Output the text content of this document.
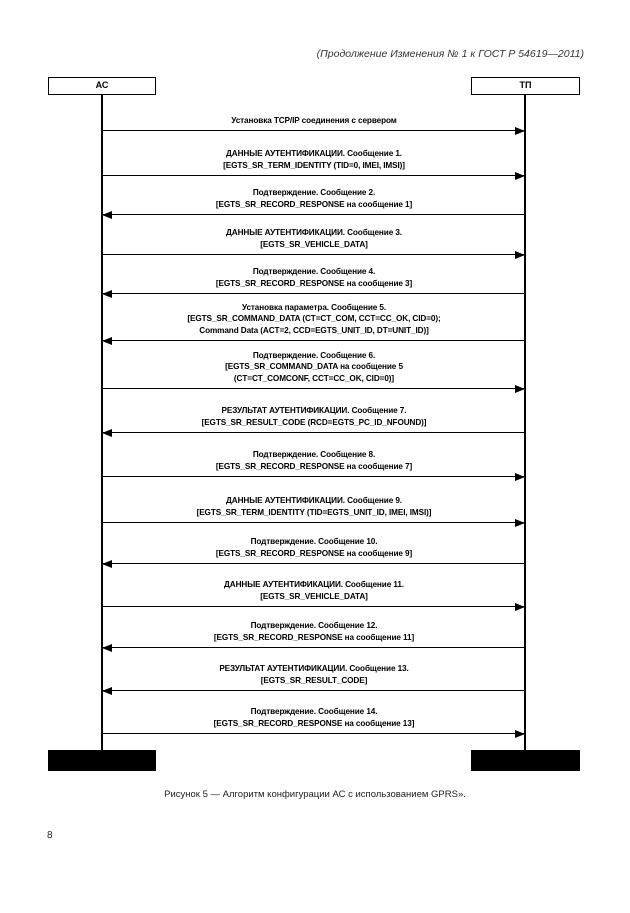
(Продолжение Изменения № 1 к ГОСТ Р 54619—2011)
АС	ТП
Установка TCP/IP соединения с сервером
ДАННЫЕ АУТЕНТИФИКАЦИИ. Сообщение 1.
[EGTS_SR_TERM_IDENTITY (TID=0, IMEI, IMSI)]
Подтверждение. Сообщение 2.
[EGTS_SR_RECORD_RESPONSE на сообщение 1]
ДАННЫЕ АУТЕНТИФИКАЦИИ. Сообщение 3.
[EGTS_SR_VEHICLE_DATA]
Подтверждение. Сообщение 4.
[EGTS_SR_RECORD_RESPONSE на сообщение 3]
Установка параметра. Сообщение 5.
[EGTS_SR_COMMAND_DATA (CT=CT_COM, CCT=CC_OK, CID=0);
Command Data (ACT=2, CCD=EGTS_UNIT_ID, DT=UNIT_ID)]
Подтверждение. Сообщение 6.
[EGTS_SR_COMMAND_DATA на сообщение 5
(CT=CT_COMCONF, CCT=CC_OK, CID=0)]
РЕЗУЛЬТАТ АУТЕНТИФИКАЦИИ. Сообщение 7.
[EGTS_SR_RESULT_CODE (RCD=EGTS_PC_ID_NFOUND)]
Подтверждение. Сообщение 8.
[EGTS_SR_RECORD_RESPONSE на сообщение 7]
ДАННЫЕ АУТЕНТИФИКАЦИИ. Сообщение 9.
[EGTS_SR_TERM_IDENTITY (TID=EGTS_UNIT_ID, IMEI, IMSI)]
Подтверждение. Сообщение 10.
[EGTS_SR_RECORD_RESPONSE на сообщение 9]
ДАННЫЕ АУТЕНТИФИКАЦИИ. Сообщение 11.
[EGTS_SR_VEHICLE_DATA]
Подтверждение. Сообщение 12.
[EGTS_SR_RECORD_RESPONSE на сообщение 11]
РЕЗУЛЬТАТ АУТЕНТИФИКАЦИИ. Сообщение 13.
[EGTS_SR_RESULT_CODE]
Подтверждение. Сообщение 14.
[EGTS_SR_RECORD_RESPONSE на сообщение 13]
Рисунок 5 — Алгоритм конфигурации АС с использованием GPRS».
8
